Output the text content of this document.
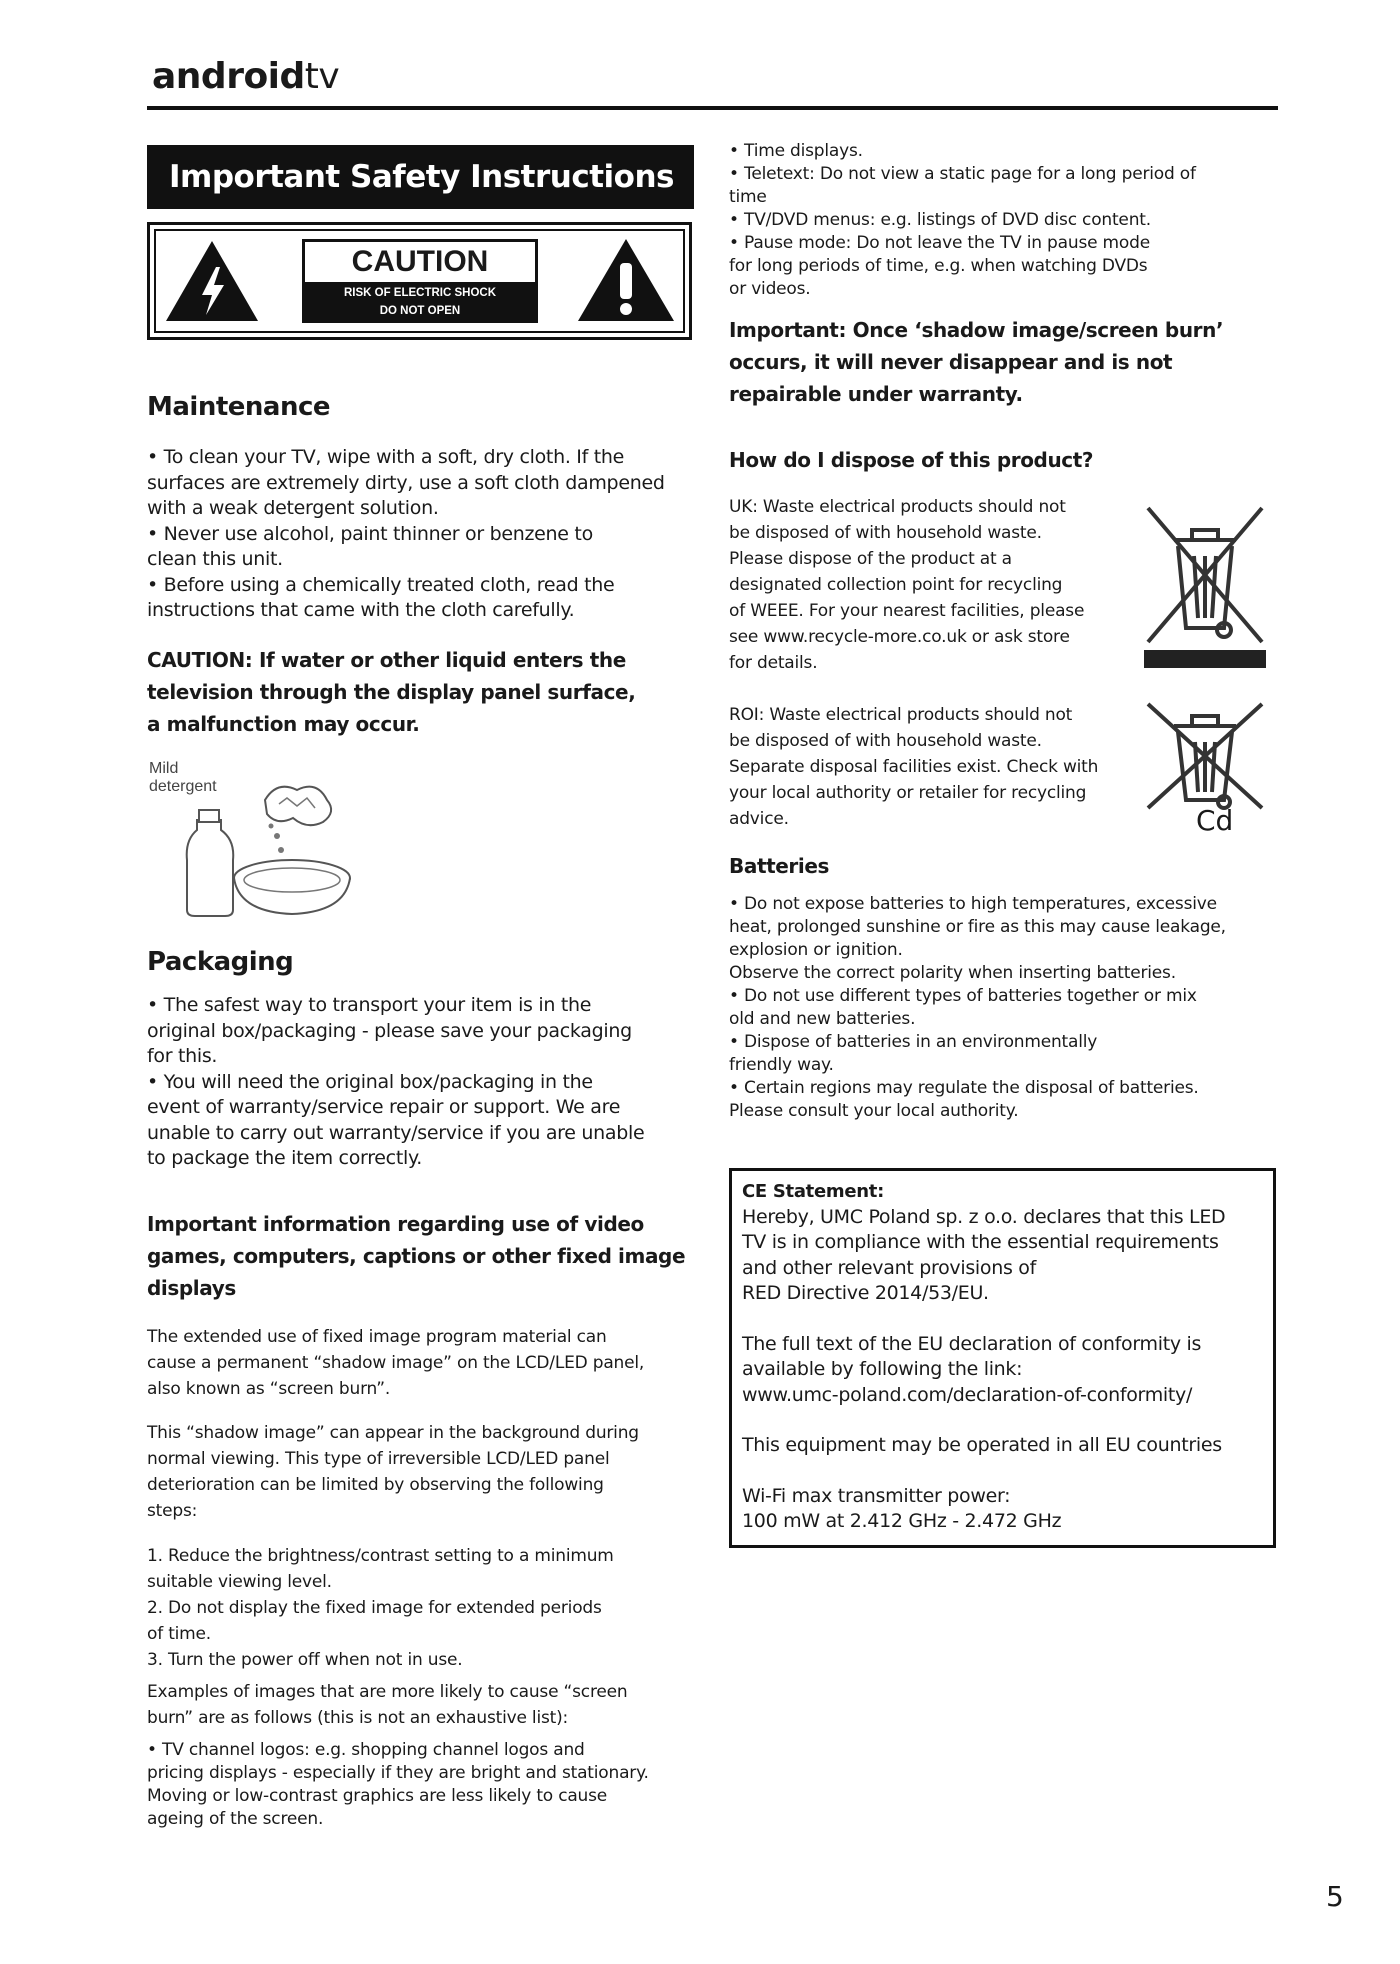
androidtv
Important Safety Instructions
CAUTION
RISK OF ELECTRIC SHOCK
DO NOT OPEN
Maintenance

• To clean your TV, wipe with a soft, dry cloth. If the

surfaces are extremely dirty, use a soft cloth dampened

with a weak detergent solution.

• Never use alcohol, paint thinner or benzene to

clean this unit.

• Before using a chemically treated cloth, read the

instructions that came with the cloth carefully.

CAUTION: If water or other liquid enters the
television through the display panel surface,
a malfunction may occur.
Mild detergent
Packaging

• The safest way to transport your item is in the

original box/packaging - please save your packaging

for this.

• You will need the original box/packaging in the

event of warranty/service repair or support. We are

unable to carry out warranty/service if you are unable

to package the item correctly.

Important information regarding use of video
games, computers, captions or other fixed image
displays

The extended use of fixed image program material can

cause a permanent “shadow image” on the LCD/LED panel,

also known as “screen burn”.

This “shadow image” can appear in the background during

normal viewing. This type of irreversible LCD/LED panel

deterioration can be limited by observing the following

steps:

1. Reduce the brightness/contrast setting to a minimum

suitable viewing level.

2. Do not display the fixed image for extended periods

of time.

3. Turn the power off when not in use.

Examples of images that are more likely to cause “screen

burn” are as follows (this is not an exhaustive list):

• TV channel logos: e.g. shopping channel logos and

pricing displays - especially if they are bright and stationary.

Moving or low-contrast graphics are less likely to cause

ageing of the screen.

• Time displays.

• Teletext: Do not view a static page for a long period of

time

• TV/DVD menus: e.g. listings of DVD disc content.

• Pause mode: Do not leave the TV in pause mode

for long periods of time, e.g. when watching DVDs

or videos.

Important: Once ‘shadow image/screen burn’
occurs, it will never disappear and is not
repairable under warranty.
How do I dispose of this product?

UK: Waste electrical products should not

be disposed of with household waste.

Please dispose of the product at a

designated collection point for recycling

of WEEE. For your nearest facilities, please

see www.recycle-more.co.uk or ask store

for details.

ROI: Waste electrical products should not

be disposed of with household waste.

Separate disposal facilities exist. Check with

your local authority or retailer for recycling

advice.	Cd
Batteries

• Do not expose batteries to high temperatures, excessive

heat, prolonged sunshine or fire as this may cause leakage,

explosion or ignition.

Observe the correct polarity when inserting batteries.

• Do not use different types of batteries together or mix

old and new batteries.

• Dispose of batteries in an environmentally

friendly way.

• Certain regions may regulate the disposal of batteries.

Please consult your local authority.

CE Statement:

Hereby, UMC Poland sp. z o.o. declares that this LED

TV is in compliance with the essential requirements

and other relevant provisions of

RED Directive 2014/53/EU.

The full text of the EU declaration of conformity is

available by following the link:

www.umc-poland.com/declaration-of-conformity/

This equipment may be operated in all EU countries

Wi-Fi max transmitter power:

100 mW at 2.412 GHz - 2.472 GHz

5
